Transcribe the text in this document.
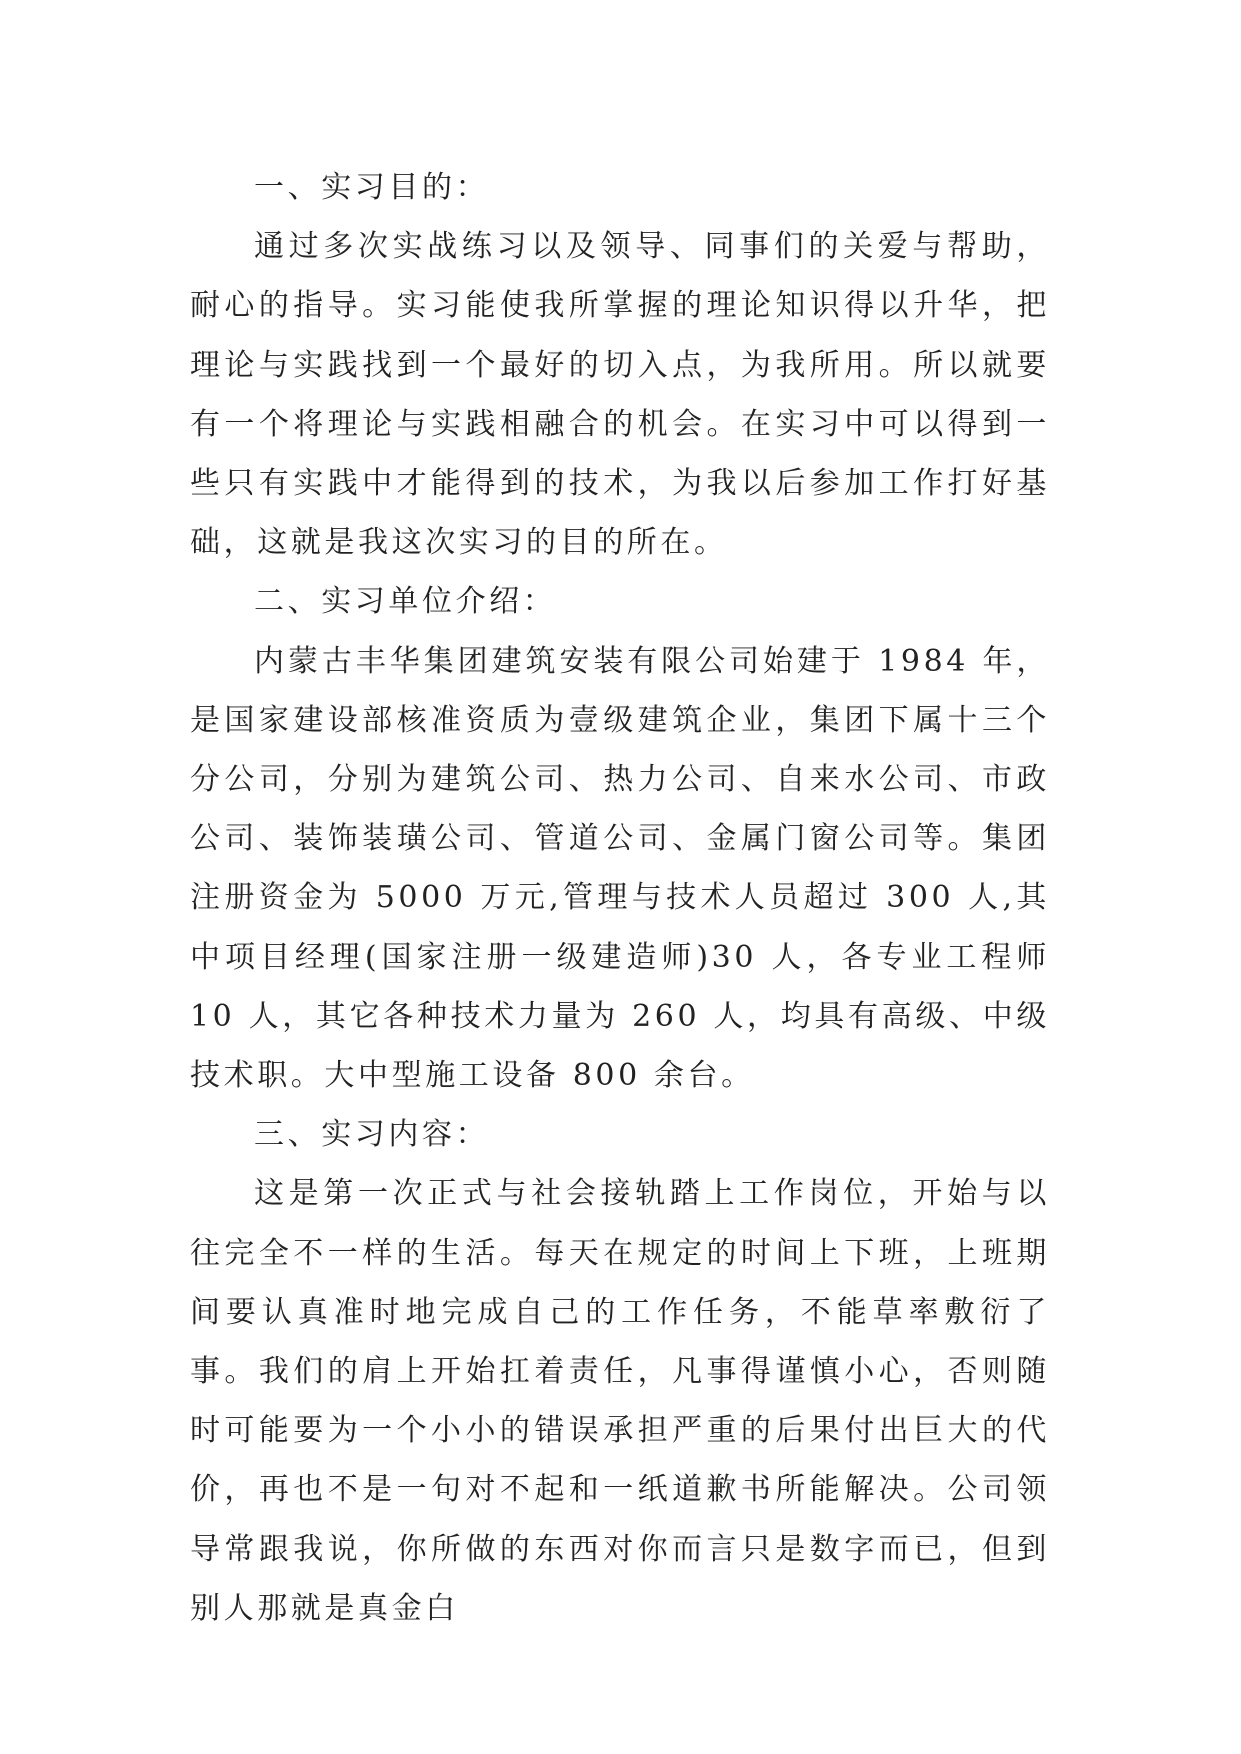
一、实习目的：

通过多次实战练习以及领导、同事们的关爱与帮助，耐心的指导。实习能使我所掌握的理论知识得以升华，把理论与实践找到一个最好的切入点，为我所用。所以就要有一个将理论与实践相融合的机会。在实习中可以得到一些只有实践中才能得到的技术，为我以后参加工作打好基础，这就是我这次实习的目的所在。

二、实习单位介绍：

内蒙古丰华集团建筑安装有限公司始建于 1984 年，是国家建设部核准资质为壹级建筑企业，集团下属十三个分公司，分别为建筑公司、热力公司、自来水公司、市政公司、装饰装璜公司、管道公司、金属门窗公司等。集团注册资金为 5000 万元,管理与技术人员超过 300 人,其中项目经理(国家注册一级建造师)30 人，各专业工程师 10 人，其它各种技术力量为 260 人，均具有高级、中级技术职。大中型施工设备 800 余台。

三、实习内容：

这是第一次正式与社会接轨踏上工作岗位，开始与以往完全不一样的生活。每天在规定的时间上下班，上班期间要认真准时地完成自己的工作任务，不能草率敷衍了事。我们的肩上开始扛着责任，凡事得谨慎小心，否则随时可能要为一个小小的错误承担严重的后果付出巨大的代价，再也不是一句对不起和一纸道歉书所能解决。公司领导常跟我说，你所做的东西对你而言只是数字而已，但到别人那就是真金白
